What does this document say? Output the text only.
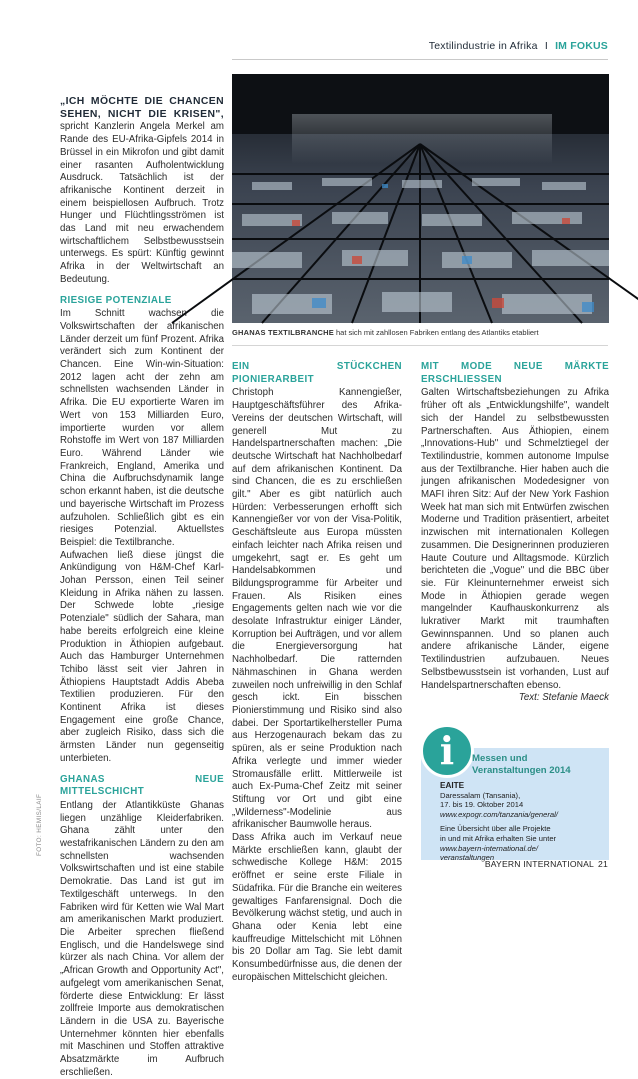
Textilindustrie in Afrika I IM FOKUS

„ICH MÖCHTE DIE CHANCEN SEHEN, NICHT DIE KRISEN", spricht Kanzlerin Angela Merkel am Rande des EU-Afrika-Gipfels 2014 in Brüssel in ein Mikrofon und gibt damit einer rasanten Aufholentwicklung Ausdruck. Tatsächlich ist der afrikanische Kontinent derzeit in einem beispiellosen Aufbruch. Trotz Hunger und Flüchtlingsströmen ist das Land mit neu erwachendem wirtschaftlichem Selbstbewusstsein unterwegs. Es spürt: Künftig gewinnt Afrika in der Weltwirtschaft an Bedeutung.

RIESIGE POTENZIALE

Im Schnitt wachsen die Volkswirtschaften der afrikanischen Länder derzeit um fünf Prozent. Afrika verändert sich zum Kontinent der Chancen. Eine Win-win-Situation: 2012 lagen acht der zehn am schnellsten wachsenden Länder in Afrika. Die EU exportierte Waren im Wert von 153 Milliarden Euro, importierte wurden vor allem Rohstoffe im Wert von 187 Milliarden Euro. Während Länder wie Frankreich, England, Amerika und China die Aufbruchsdynamik lange schon erkannt haben, ist die deutsche und bayerische Wirtschaft im Prozess aufzuholen. Schließlich gibt es ein riesiges Potenzial. Aktuellstes Beispiel: die Textilbranche.

Aufwachen ließ diese jüngst die Ankündigung von H&M-Chef Karl-Johan Persson, einen Teil seiner Kleidung in Afrika nähen zu lassen. Der Schwede lobte „riesige Potenziale" südlich der Sahara, man habe bereits erfolgreich eine kleine Produktion in Äthiopien aufgebaut. Auch das Hamburger Unternehmen Tchibo lässt seit vier Jahren in Äthiopiens Hauptstadt Addis Abeba Textilien produzieren. Für den Kontinent Afrika ist dieses Engagement eine große Chance, aber zugleich Risiko, dass sich die ärmsten Länder nun gegenseitig unterbieten.

GHANAS NEUE MITTELSCHICHT

Entlang der Atlantikküste Ghanas liegen unzählige Kleiderfabriken. Ghana zählt unter den westafrikanischen Ländern zu den am schnellsten wachsenden Volkswirtschaften und ist eine stabile Demokratie. Das Land ist gut im Textilgeschäft unterwegs. In den Fabriken wird für Ketten wie Wal Mart am amerikanischen Markt produziert. Die Arbeiter sprechen fließend Englisch, und die Handelswege sind kürzer als nach China. Vor allem der „African Growth and Opportunity Act", aufgelegt vom amerikanischen Senat, förderte diese Entwicklung: Er lässt zollfreie Importe aus demokratischen Ländern in die USA zu. Bayerische Unternehmer könnten hier ebenfalls mit Maschinen und Stoffen attraktive Absatzmärkte im Aufbruch erschließen.

FOTO: HEMIS/LAIF
GHANAS TEXTILBRANCHE hat sich mit zahllosen Fabriken entlang des Atlantiks etabliert
EIN STÜCKCHEN PIONIERARBEIT

Christoph Kannengießer, Hauptgeschäftsführer des Afrika-Vereins der deutschen Wirtschaft, will generell Mut zu Handelspartnerschaften machen: „Die deutsche Wirtschaft hat Nachholbedarf auf dem afrikanischen Kontinent. Da sind Chancen, die es zu erschließen gilt." Aber es gibt natürlich auch Hürden: Verbesserungen erhofft sich Kannengießer vor von der Visa-Politik, Geschäftsleute aus Europa müssten einfach leichter nach Afrika reisen und umgekehrt, sagt er. Es geht um Handelsabkommen und Bildungsprogramme für Arbeiter und Frauen. Als Risiken eines Engagements gelten nach wie vor die desolate Infrastruktur einiger Länder, Korruption bei Aufträgen, und vor allem die Energieversorgung hat Nachholbedarf. Die ratternden Nähmaschinen in Ghana werden zuweilen noch unfreiwillig in den Schlaf gesch ickt. Ein bisschen Pionierstimmung und Risiko sind also dabei. Der Sportartikelhersteller Puma aus Herzogenaurach bekam das zu spüren, als er seine Produktion nach Afrika verlegte und immer wieder Stromausfälle erlitt. Mittlerweile ist auch Ex-Puma-Chef Zeitz mit seiner Stiftung vor Ort und gibt eine „Wilderness"-Modelinie aus afrikanischer Baumwolle heraus.

Dass Afrika auch im Verkauf neue Märkte erschließen kann, glaubt der schwedische Kollege H&M: 2015 eröffnet er seine erste Filiale in Südafrika. Für die Branche ein weiteres gewaltiges Fanfarensignal. Doch die Bevölkerung wächst stetig, und auch in Ghana oder Kenia lebt eine kauffreudige Mittelschicht mit Löhnen bis 20 Dollar am Tag. Sie lebt damit Konsumbedürfnisse aus, die denen der europäischen Mittelschicht gleichen.

MIT MODE NEUE MÄRKTE ERSCHLIESSEN

Galten Wirtschaftsbeziehungen zu Afrika früher oft als „Entwicklungshilfe", wandelt sich der Handel zu selbstbewussten Partnerschaften. Aus Äthiopien, einem „Innovations-Hub" und Schmelztiegel der Textilindustrie, kommen autonome Impulse aus der Textilbranche. Hier haben auch die jungen afrikanischen Modedesigner von MAFI ihren Sitz: Auf der New York Fashion Week hat man sich mit Entwürfen zwischen Moderne und Tradition präsentiert, arbeitet inzwischen mit internationalen Kollegen zusammen. Die Designerinnen produzieren Haute Couture und Alltagsmode. Kürzlich berichteten die „Vogue" und die BBC über sie. Für Kleinunternehmer erweist sich Mode in Äthiopien gerade wegen mangelnder Kaufhauskonkurrenz als lukrativer Markt mit traumhaften Gewinnspannen. Und so planen auch andere afrikanische Länder, eigene Textilindustrien aufzubauen. Neues Selbstbewusstsein ist vorhanden, Lust auf Handelspartnerschaften ebenso.

Text: Stefanie Maeck
i	Messen und Veranstaltungen 2014
EAITE
Daressalam (Tansania),
17. bis 19. Oktober 2014
www.expogr.com/tanzania/general/
Eine Übersicht über alle Projekte
in und mit Afrika erhalten Sie unter
www.bayern-international.de/
veranstaltungen
BAYERN INTERNATIONAL 21
